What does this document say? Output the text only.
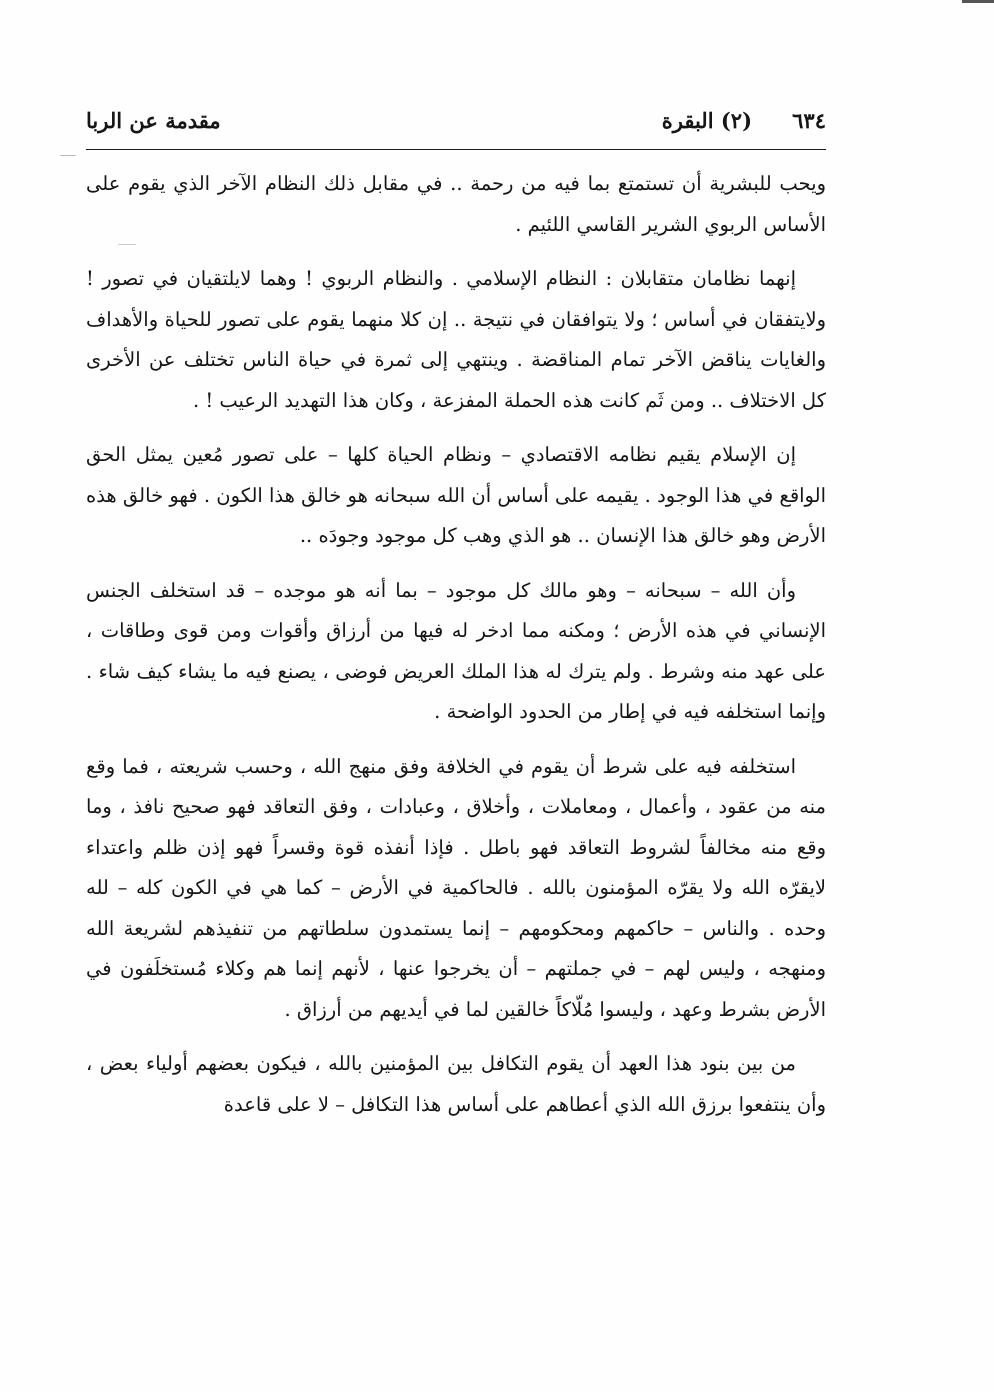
٦٣٤
(٢) البقرة
مقدمة عن الربا

ويحب للبشرية أن تستمتع بما فيه من رحمة .. في مقابل ذلك النظام الآخر الذي يقوم على الأساس الربوي الشرير القاسي اللئيم .

إنهما نظامان متقابلان : النظام الإسلامي . والنظام الربوي ! وهما لايلتقيان في تصور ! ولايتفقان في أساس ؛ ولا يتوافقان في نتيجة .. إن كلا منهما يقوم على تصور للحياة والأهداف والغايات يناقض الآخر تمام المناقضة . وينتهي إلى ثمرة في حياة الناس تختلف عن الأخرى كل الاختلاف .. ومن ثَم كانت هذه الحملة المفزعة ، وكان هذا التهديد الرعيب ! .

إن الإسلام يقيم نظامه الاقتصادي – ونظام الحياة كلها – على تصور مُعين يمثل الحق الواقع في هذا الوجود . يقيمه على أساس أن الله سبحانه هو خالق هذا الكون . فهو خالق هذه الأرض وهو خالق هذا الإنسان .. هو الذي وهب كل موجود وجودَه ..

وأن الله – سبحانه – وهو مالك كل موجود – بما أنه هو موجده – قد استخلف الجنس الإنساني في هذه الأرض ؛ ومكنه مما ادخر له فيها من أرزاق وأقوات ومن قوى وطاقات ، على عهد منه وشرط . ولم يترك له هذا الملك العريض فوضى ، يصنع فيه ما يشاء كيف شاء . وإنما استخلفه فيه في إطار من الحدود الواضحة .

استخلفه فيه على شرط أن يقوم في الخلافة وفق منهج الله ، وحسب شريعته ، فما وقع منه من عقود ، وأعمال ، ومعاملات ، وأخلاق ، وعبادات ، وفق التعاقد فهو صحيح نافذ ، وما وقع منه مخالفاً لشروط التعاقد فهو باطل . فإذا أنفذه قوة وقسراً فهو إذن ظلم واعتداء لايقرّه الله ولا يقرّه المؤمنون بالله . فالحاكمية في الأرض – كما هي في الكون كله – لله وحده . والناس – حاكمهم ومحكومهم – إنما يستمدون سلطاتهم من تنفيذهم لشريعة الله ومنهجه ، وليس لهم – في جملتهم – أن يخرجوا عنها ، لأنهم إنما هم وكلاء مُستخلَفون في الأرض بشرط وعهد ، وليسوا مُلّاكاً خالقين لما في أيديهم من أرزاق .

من بين بنود هذا العهد أن يقوم التكافل بين المؤمنين بالله ، فيكون بعضهم أولياء بعض ، وأن ينتفعوا برزق الله الذي أعطاهم على أساس هذا التكافل – لا على قاعدة
